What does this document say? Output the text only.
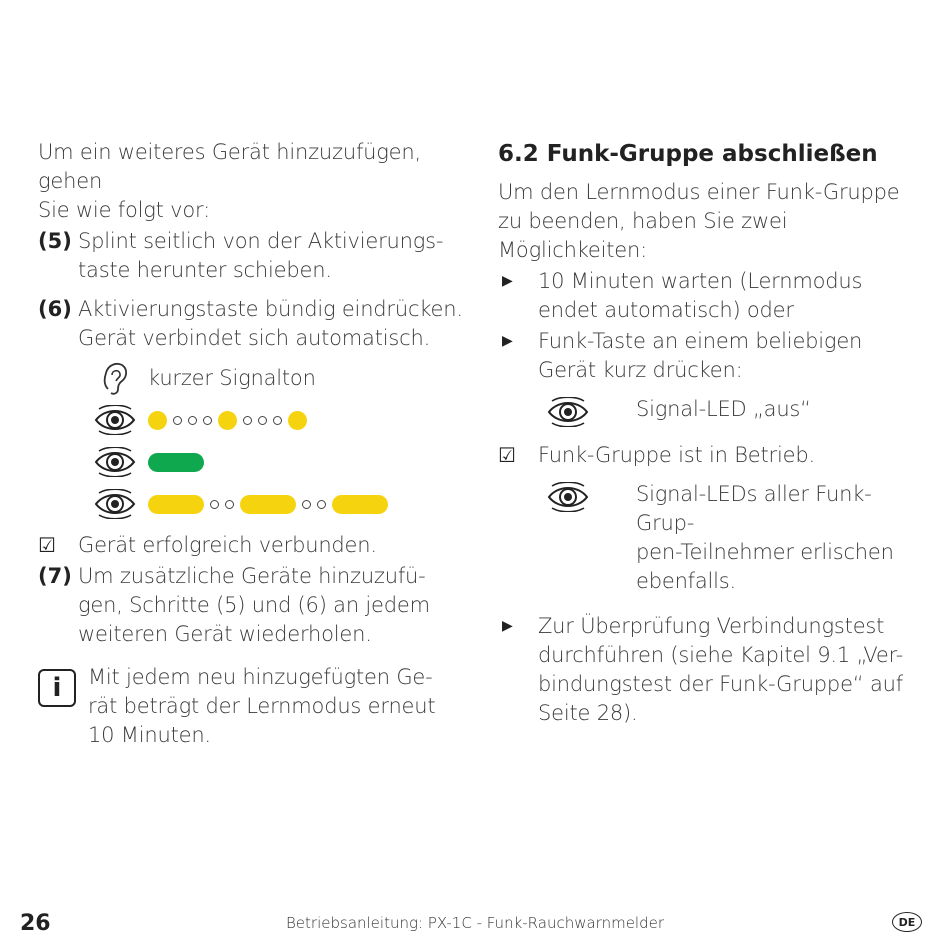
Um ein weiteres Gerät hinzuzufügen, gehen

Sie wie folgt vor:

(5) Splint seitlich von der Aktivierungs-

taste herunter schieben.

(6) Aktivierungstaste bündig eindrücken.

Gerät verbindet sich automatisch.

kurzer Signalton
☑	Gerät erfolgreich verbunden.

(7) Um zusätzliche Geräte hinzuzufü-

gen, Schritte (5) und (6) an jedem

weiteren Gerät wiederholen.

i Mit jedem neu hinzugefügten Ge-

rät beträgt der Lernmodus erneut

10 Minuten.

6.2 Funk-Gruppe abschließen

Um den Lernmodus einer Funk-Gruppe

zu beenden, haben Sie zwei Möglichkeiten:

▶	10 Minuten warten (Lernmodus

endet automatisch) oder

▶	Funk-Taste an einem beliebigen

Gerät kurz drücken:

Signal-LED „aus“

☑	Funk-Gruppe ist in Betrieb.

Signal-LEDs aller Funk-Grup-

pen-Teilnehmer erlischen

ebenfalls.

▶	Zur Überprüfung Verbindungstest

durchführen (siehe Kapitel 9.1 „Ver-

bindungstest der Funk-Gruppe“ auf

Seite 28).

26	Betriebsanleitung: PX-1C - Funk-Rauchwarnmelder	DE
